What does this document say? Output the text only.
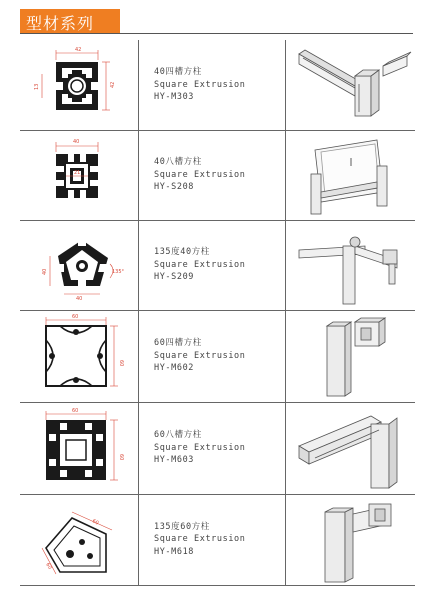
型材系列
42
13	42
40四槽方柱
Square Extrusion
HY-M303
40
21
40八槽方柱
Square Extrusion
HY-S208
40	135°
40
135度40方柱
Square Extrusion
HY-S209
60
60
60四槽方柱
Square Extrusion
HY-M602
60
60
60八槽方柱
Square Extrusion
HY-M603
60
60
135度60方柱
Square Extrusion
HY-M618
